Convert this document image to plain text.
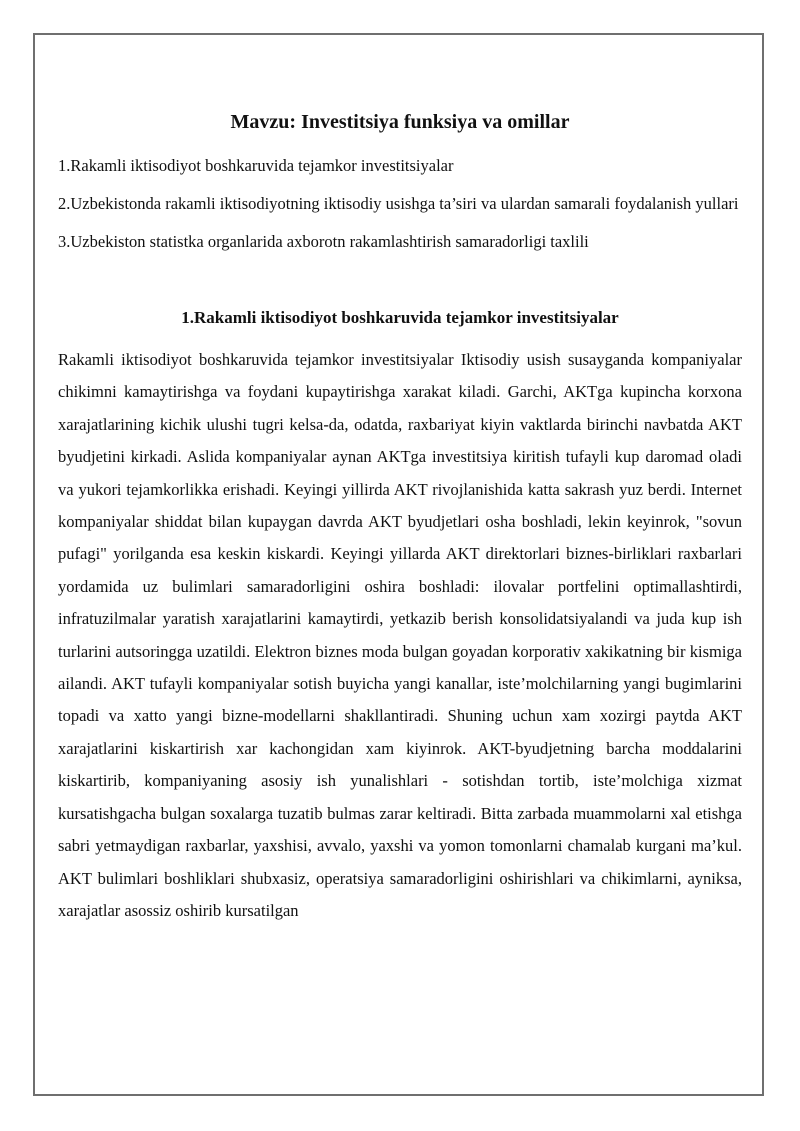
Mavzu: Investitsiya funksiya va omillar
1.Rakamli iktisodiyot boshkaruvida tejamkor investitsiyalar
2.Uzbekistonda rakamli iktisodiyotning iktisodiy usishga ta’siri va ulardan samarali foydalanish yullari
3.Uzbekiston statistka organlarida axborotn rakamlashtirish samaradorligi taxlili
1.Rakamli iktisodiyot boshkaruvida tejamkor investitsiyalar

Rakamli iktisodiyot boshkaruvida tejamkor investitsiyalar Iktisodiy usish susayganda kompaniyalar chikimni kamaytirishga va foydani kupaytirishga xarakat kiladi. Garchi, AKTga kupincha korxona xarajatlarining kichik ulushi tugri kelsa-da, odatda, raxbariyat kiyin vaktlarda birinchi navbatda AKT byudjetini kirkadi. Aslida kompaniyalar aynan AKTga investitsiya kiritish tufayli kup daromad oladi va yukori tejamkorlikka erishadi. Keyingi yillirda AKT rivojlanishida katta sakrash yuz berdi. Internet kompaniyalar shiddat bilan kupaygan davrda AKT byudjetlari osha boshladi, lekin keyinrok, "sovun pufagi" yorilganda esa keskin kiskardi. Keyingi yillarda AKT direktorlari biznes-birliklari raxbarlari yordamida uz bulimlari samaradorligini oshira boshladi: ilovalar portfelini optimallashtirdi, infratuzilmalar yaratish xarajatlarini kamaytirdi, yetkazib berish konsolidatsiyalandi va juda kup ish turlarini autsoringga uzatildi. Elektron biznes moda bulgan goyadan korporativ xakikatning bir kismiga ailandi. AKT tufayli kompaniyalar sotish buyicha yangi kanallar, iste’molchilarning yangi bugimlarini topadi va xatto yangi bizne-modellarni shakllantiradi. Shuning uchun xam xozirgi paytda AKT xarajatlarini kiskartirish xar kachongidan xam kiyinrok. AKT-byudjetning barcha moddalarini kiskartirib, kompaniyaning asosiy ish yunalishlari - sotishdan tortib, iste’molchiga xizmat kursatishgacha bulgan soxalarga tuzatib bulmas zarar keltiradi. Bitta zarbada muammolarni xal etishga sabri yetmaydigan raxbarlar, yaxshisi, avvalo, yaxshi va yomon tomonlarni chamalab kurgani ma’kul. AKT bulimlari boshliklari shubxasiz, operatsiya samaradorligini oshirishlari va chikimlarni, ayniksa, xarajatlar asossiz oshirib kursatilgan
